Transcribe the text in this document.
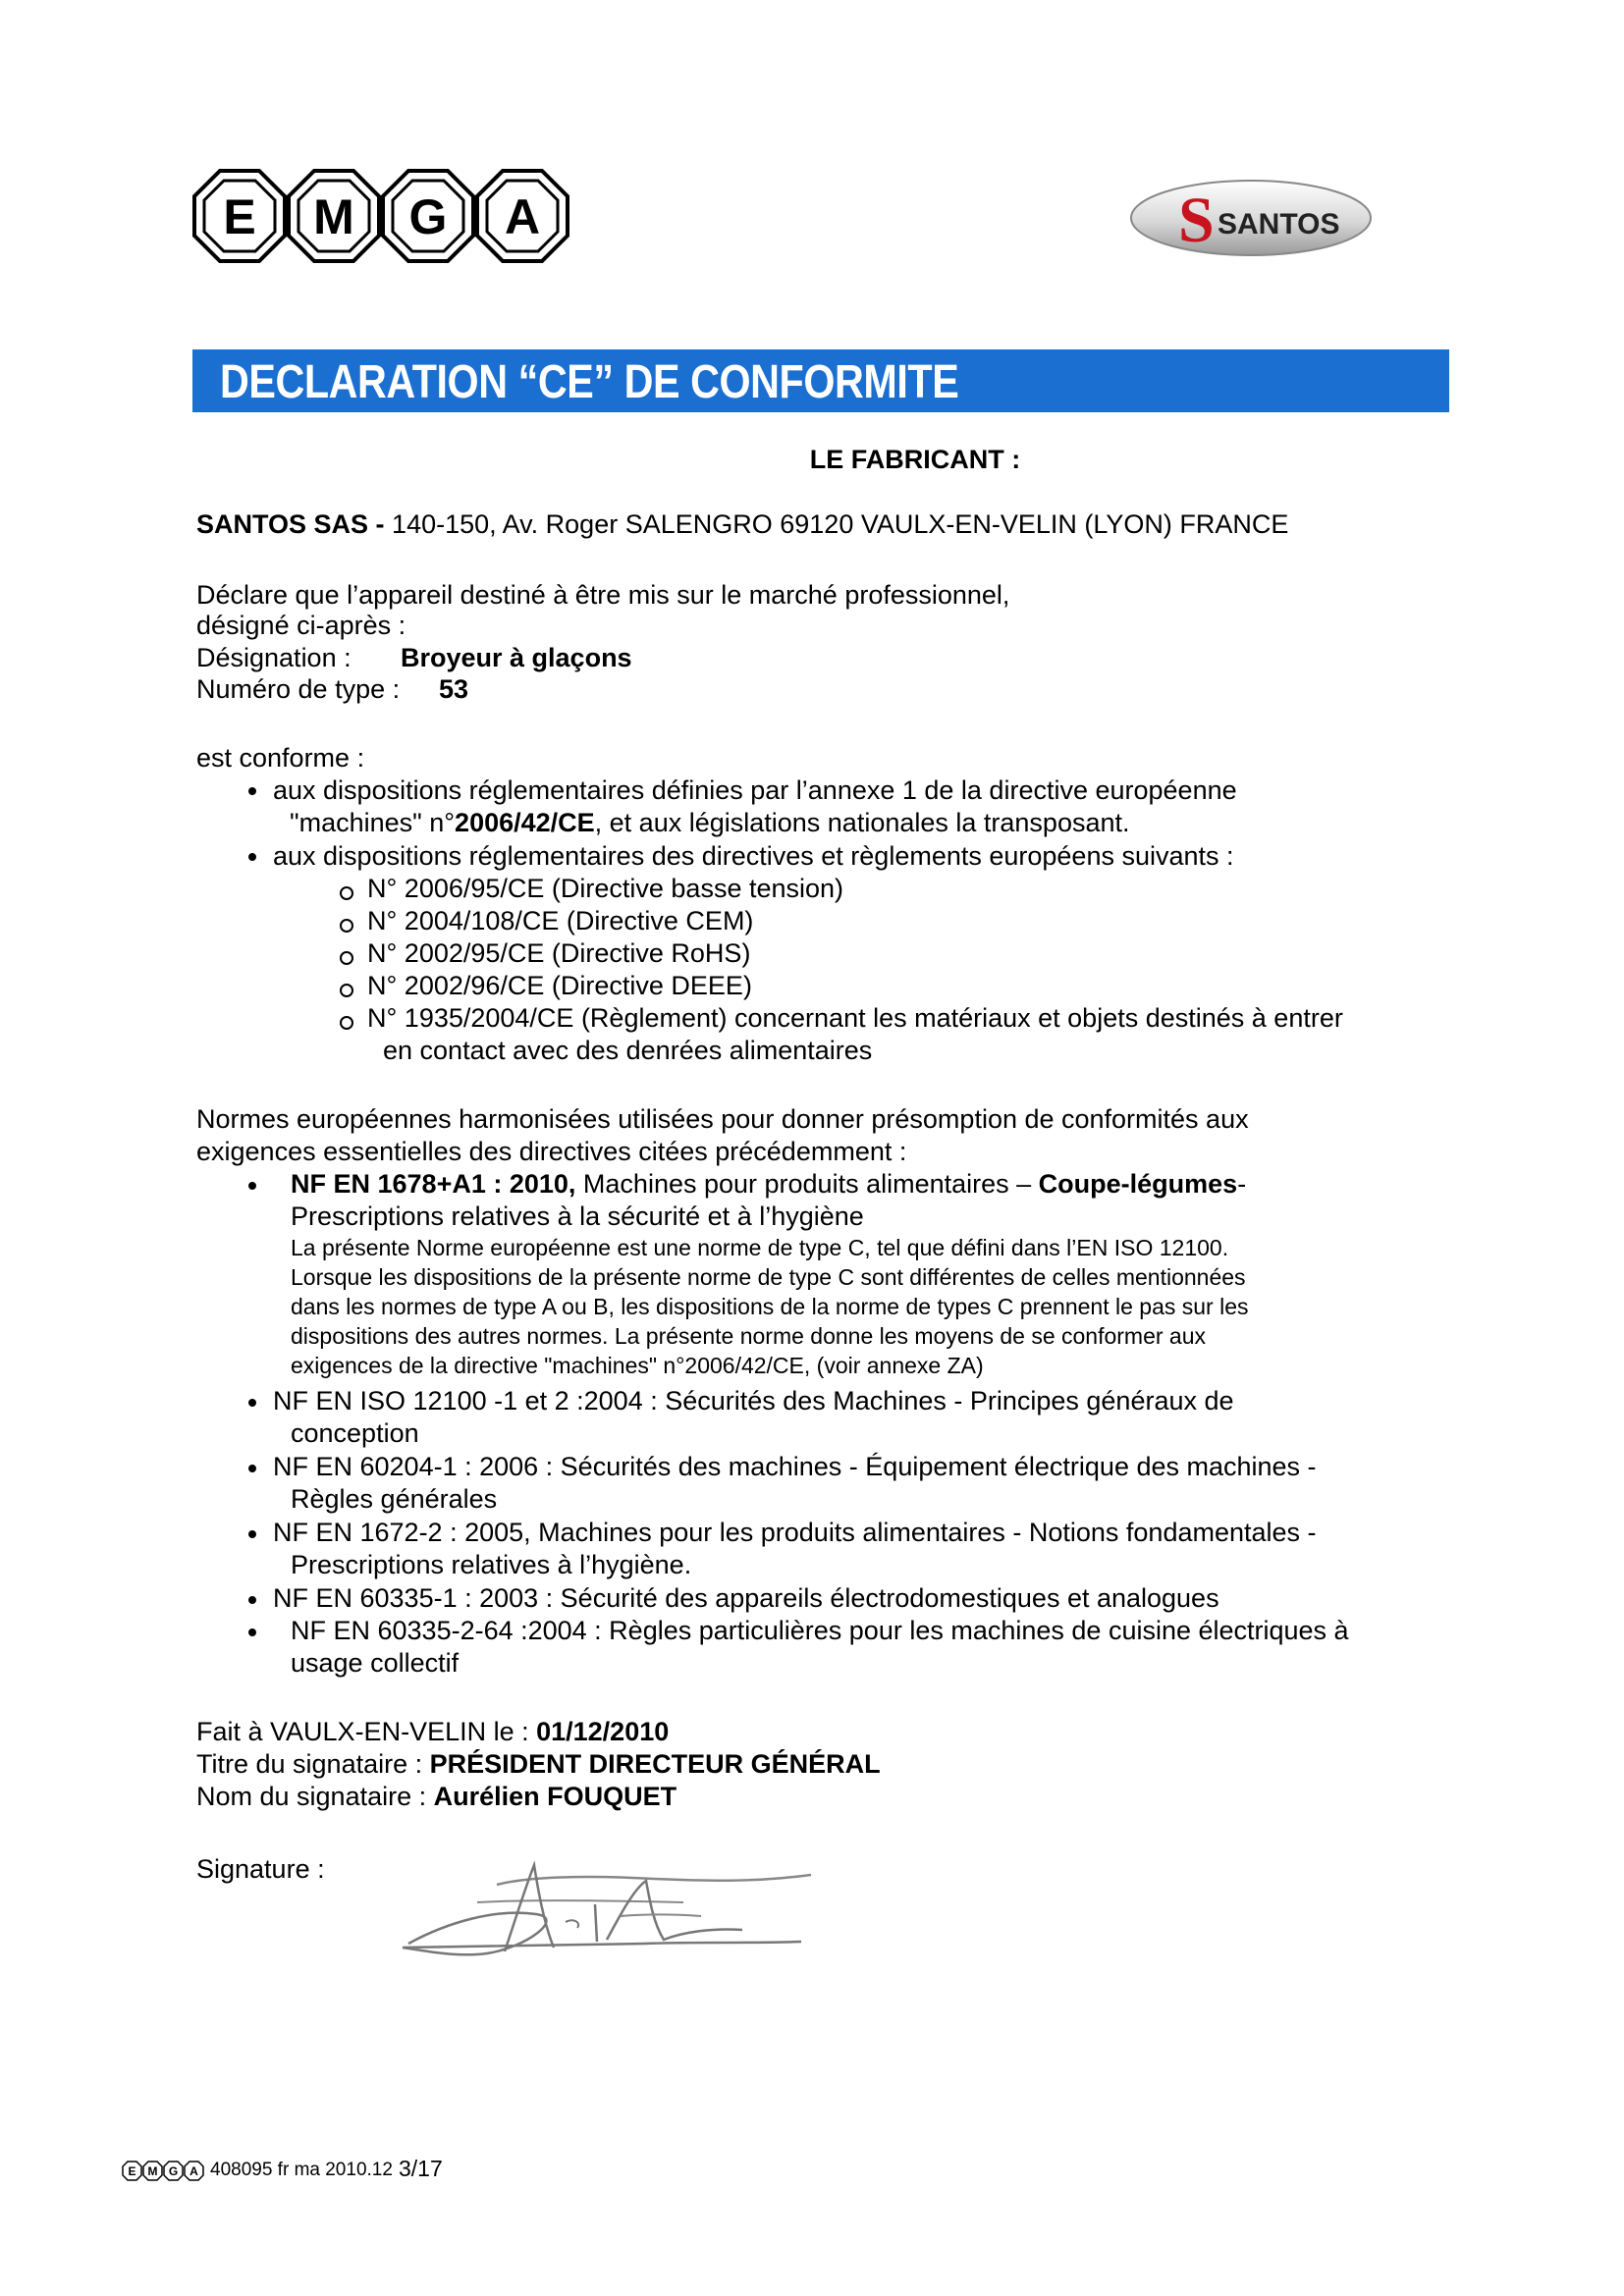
E M G A	S SANTOS
DECLARATION “CE” DE CONFORMITE
LE FABRICANT :
SANTOS SAS - 140-150, Av. Roger SALENGRO 69120 VAULX-EN-VELIN (LYON) FRANCE
Déclare que l’appareil destiné à être mis sur le marché professionnel,
désigné ci-après :
Désignation : Broyeur à glaçons
Numéro de type : 53
est conforme :
aux dispositions réglementaires définies par l’annexe 1 de la directive européenne
"machines" n°2006/42/CE, et aux législations nationales la transposant.
aux dispositions réglementaires des directives et règlements européens suivants :
N° 2006/95/CE (Directive basse tension)
N° 2004/108/CE (Directive CEM)
N° 2002/95/CE (Directive RoHS)
N° 2002/96/CE (Directive DEEE)
N° 1935/2004/CE (Règlement) concernant les matériaux et objets destinés à entrer
en contact avec des denrées alimentaires
Normes européennes harmonisées utilisées pour donner présomption de conformités aux
exigences essentielles des directives citées précédemment :
NF EN 1678+A1 : 2010, Machines pour produits alimentaires – Coupe-légumes-
Prescriptions relatives à la sécurité et à l’hygiène
La présente Norme européenne est une norme de type C, tel que défini dans l’EN ISO 12100.
Lorsque les dispositions de la présente norme de type C sont différentes de celles mentionnées
dans les normes de type A ou B, les dispositions de la norme de types C prennent le pas sur les
dispositions des autres normes. La présente norme donne les moyens de se conformer aux
exigences de la directive "machines" n°2006/42/CE, (voir annexe ZA)
NF EN ISO 12100 -1 et 2 :2004 : Sécurités des Machines - Principes généraux de
conception
NF EN 60204-1 : 2006 : Sécurités des machines - Équipement électrique des machines -
Règles générales
NF EN 1672-2 : 2005, Machines pour les produits alimentaires - Notions fondamentales -
Prescriptions relatives à l’hygiène.
NF EN 60335-1 : 2003 : Sécurité des appareils électrodomestiques et analogues
NF EN 60335-2-64 :2004 : Règles particulières pour les machines de cuisine électriques à
usage collectif
Fait à VAULX-EN-VELIN le : 01/12/2010
Titre du signataire : PRÉSIDENT DIRECTEUR GÉNÉRAL
Nom du signataire : Aurélien FOUQUET
Signature :
E M G A 408095 fr ma 2010.12 3/17
